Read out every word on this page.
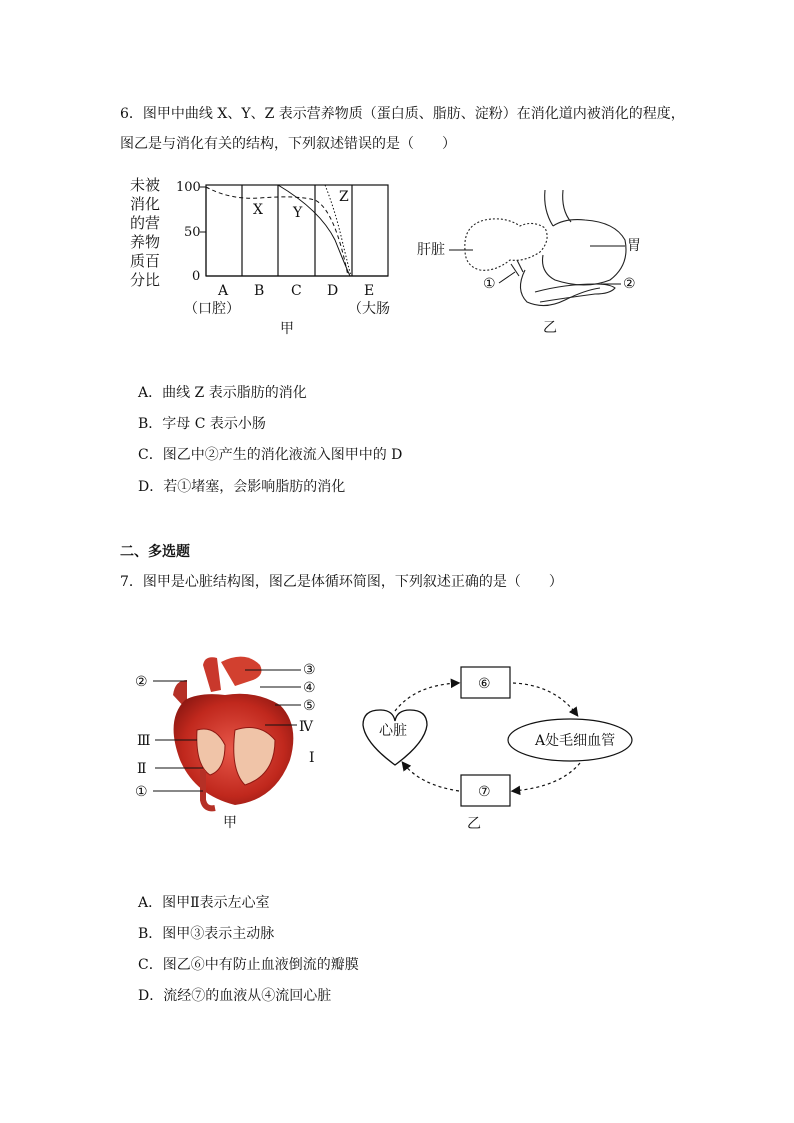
6．图甲中曲线 X、Y、Z 表示营养物质（蛋白质、脂肪、淀粉）在消化道内被消化的程度，
图乙是与消化有关的结构，下列叙述错误的是（　　）
未被
消化
的营
养物
质百
分比
100
50
0
X Y
Z
A B C D E
（口腔）	（大肠
甲
肝脏	胃
①	②
乙
A．曲线 Z 表示脂肪的消化
B．字母 C 表示小肠
C．图乙中②产生的消化液流入图甲中的 D
D．若①堵塞，会影响脂肪的消化
二、多选题
7．图甲是心脏结构图，图乙是体循环简图，下列叙述正确的是（　　）
②
Ⅲ
Ⅱ
①
③
④
⑤
Ⅳ
Ⅰ
甲
心脏
⑥
⑦
A处毛细血管
乙
A．图甲Ⅱ表示左心室
B．图甲③表示主动脉
C．图乙⑥中有防止血液倒流的瓣膜
D．流经⑦的血液从④流回心脏
